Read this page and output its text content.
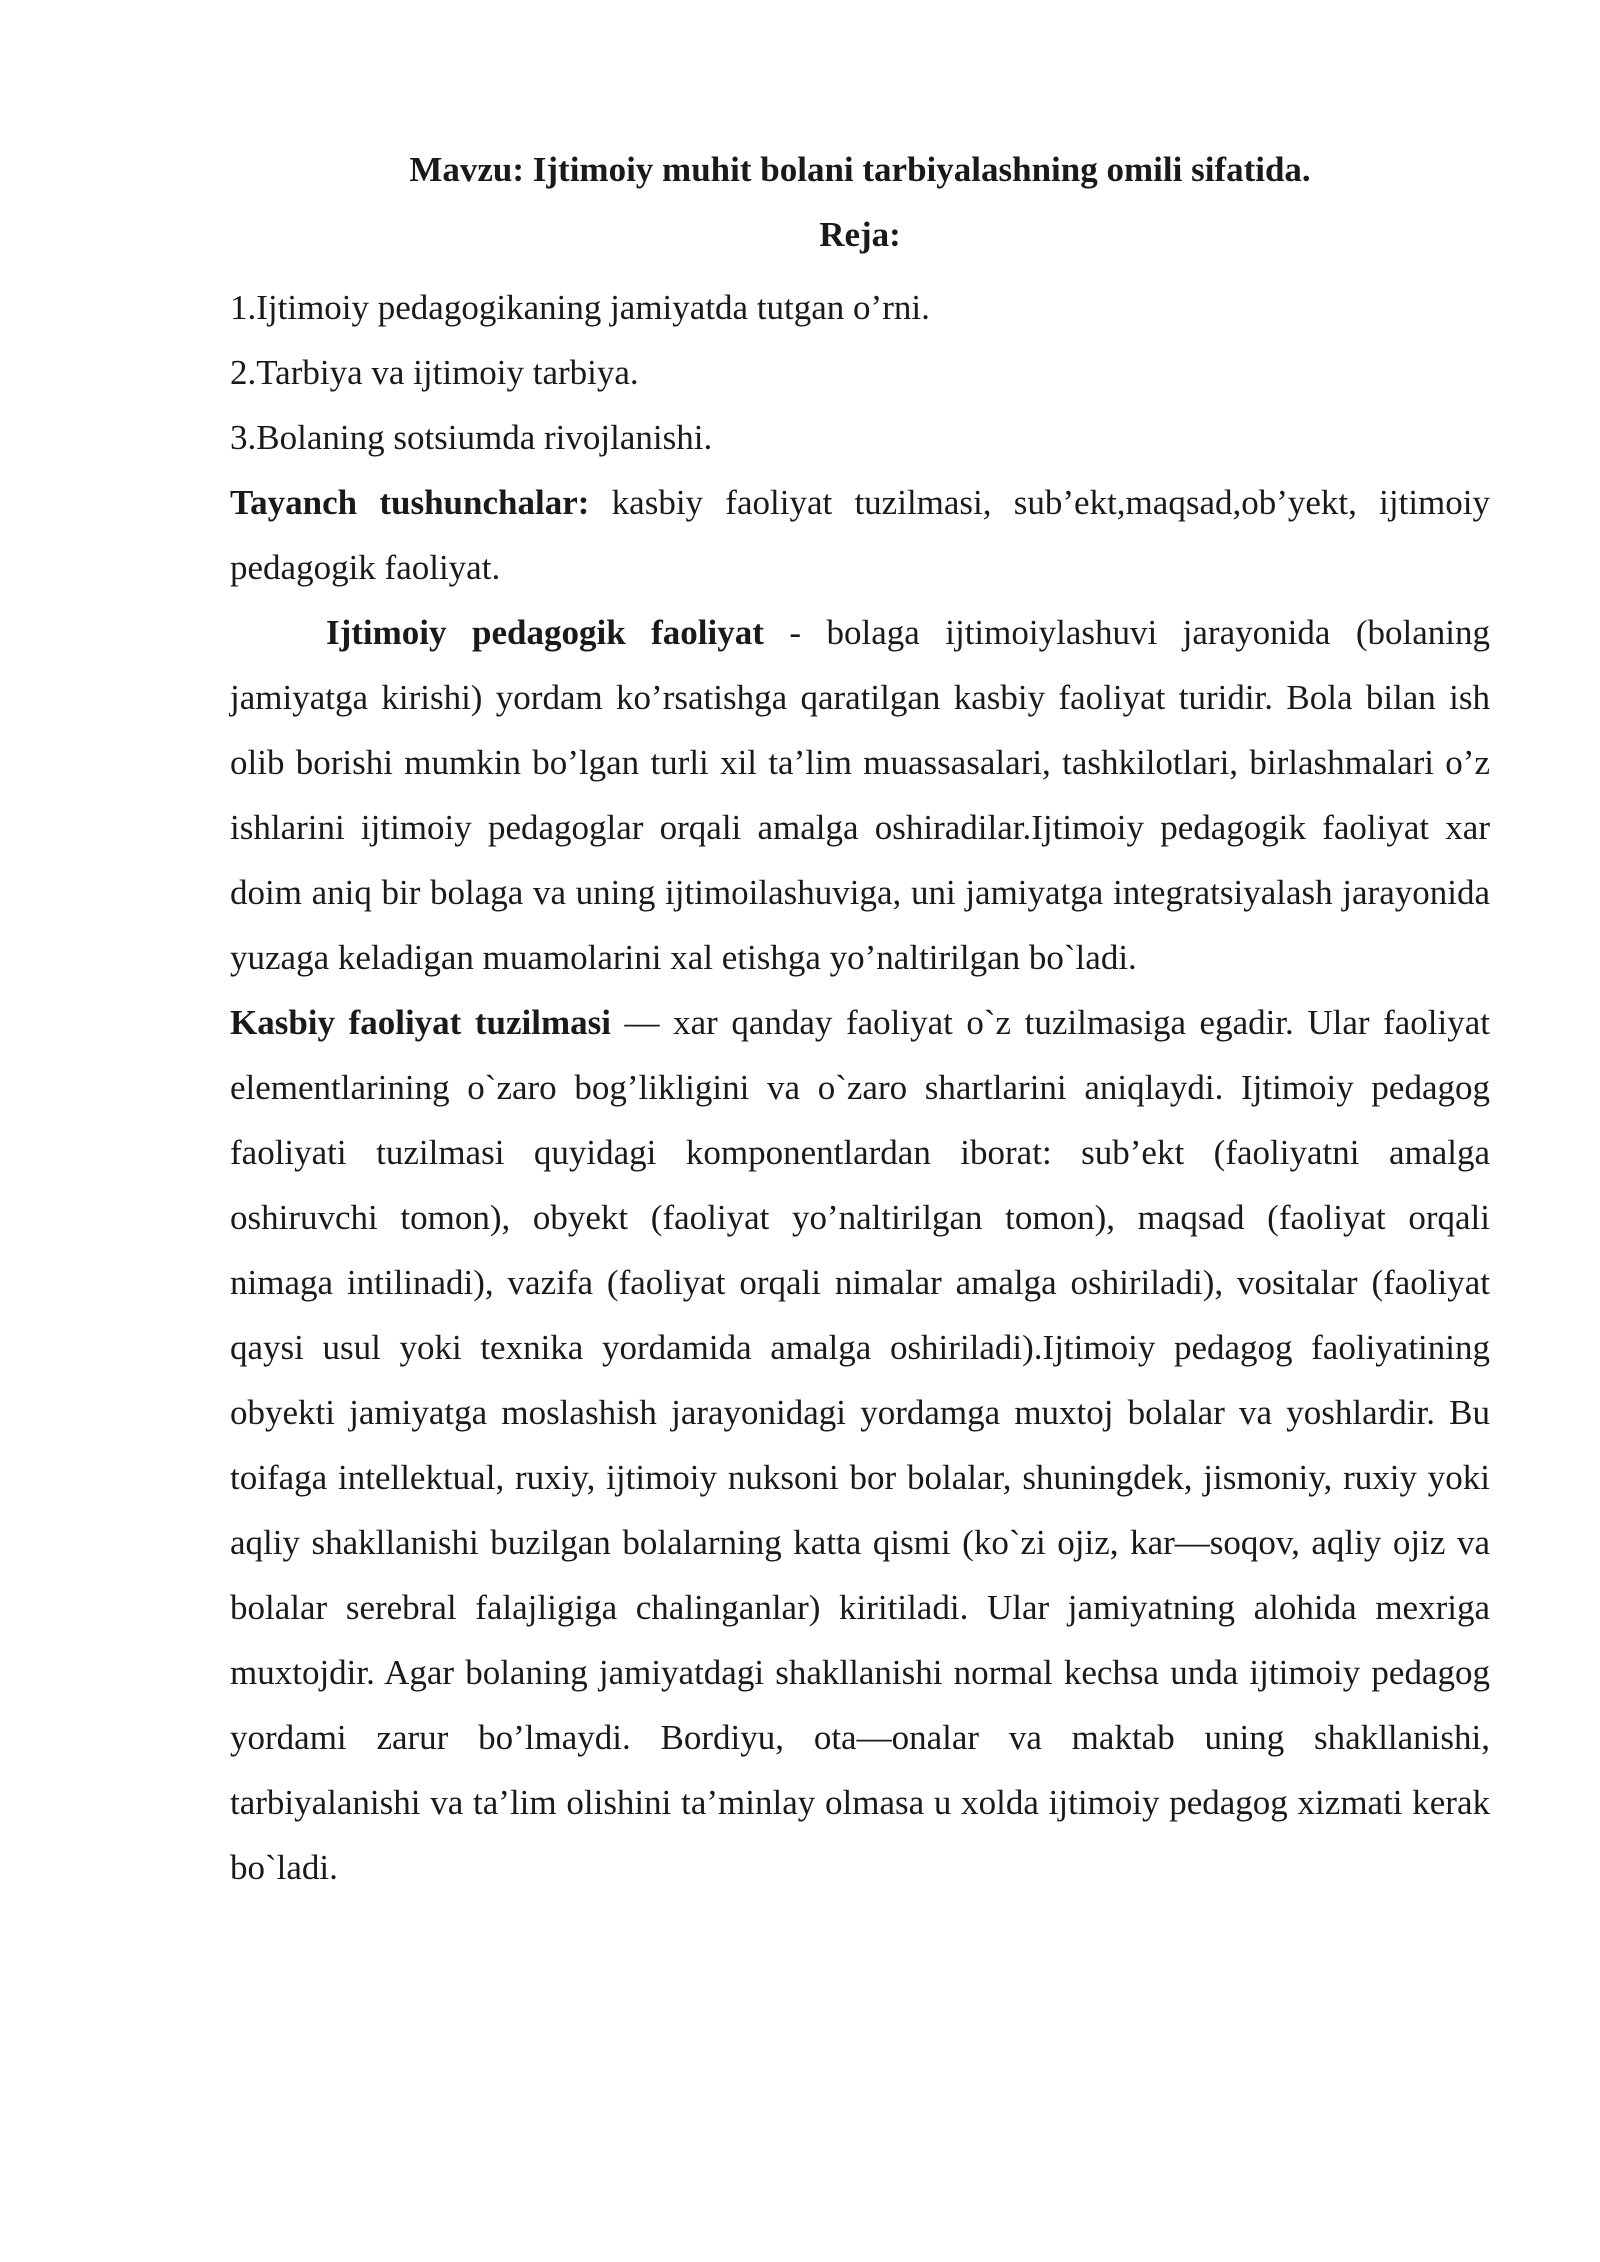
Mavzu: Ijtimoiy muhit bolani tarbiyalashning omili sifatida.

Reja:

1.Ijtimoiy pedagogikaning jamiyatda tutgan o’rni.

2.Tarbiya va ijtimoiy tarbiya.

3.Bolaning sotsiumda rivojlanishi.

Tayanch tushunchalar: kasbiy faoliyat tuzilmasi, sub’ekt,maqsad,ob’yekt, ijtimoiy pedagogik faoliyat.

Ijtimoiy pedagogik faoliyat - bolaga ijtimoiylashuvi jarayonida (bolaning jamiyatga kirishi) yordam ko’rsatishga qaratilgan kasbiy faoliyat turidir. Bola bilan ish olib borishi mumkin bo’lgan turli xil ta’lim muassasalari, tashkilotlari, birlashmalari o’z ishlarini ijtimoiy pedagoglar orqali amalga oshiradilar.Ijtimoiy pedagogik faoliyat xar doim aniq bir bolaga va uning ijtimoilashuviga, uni jamiyatga integratsiyalash jarayonida yuzaga keladigan muamolarini xal etishga yo’naltirilgan bo`ladi.

Kasbiy faoliyat tuzilmasi — xar qanday faoliyat o`z tuzilmasiga egadir. Ular faoliyat elementlarining o`zaro bog’likligini va o`zaro shartlarini aniqlaydi. Ijtimoiy pedagog faoliyati tuzilmasi quyidagi komponentlardan iborat: sub’ekt (faoliyatni amalga oshiruvchi tomon), obyekt (faoliyat yo’naltirilgan tomon), maqsad (faoliyat orqali nimaga intilinadi), vazifa (faoliyat orqali nimalar amalga oshiriladi), vositalar (faoliyat qaysi usul yoki texnika yordamida amalga oshiriladi).Ijtimoiy pedagog faoliyatining obyekti jamiyatga moslashish jarayonidagi yordamga muxtoj bolalar va yoshlardir. Bu toifaga intellektual, ruxiy, ijtimoiy nuksoni bor bolalar, shuningdek, jismoniy, ruxiy yoki aqliy shakllanishi buzilgan bolalarning katta qismi (ko`zi ojiz, kar—soqov, aqliy ojiz va bolalar serebral falajligiga chalinganlar) kiritiladi. Ular jamiyatning alohida mexriga muxtojdir. Agar bolaning jamiyatdagi shakllanishi normal kechsa unda ijtimoiy pedagog yordami zarur bo’lmaydi. Bordiyu, ota—onalar va maktab uning shakllanishi, tarbiyalanishi va ta’lim olishini ta’minlay olmasa u xolda ijtimoiy pedagog xizmati kerak bo`ladi.
